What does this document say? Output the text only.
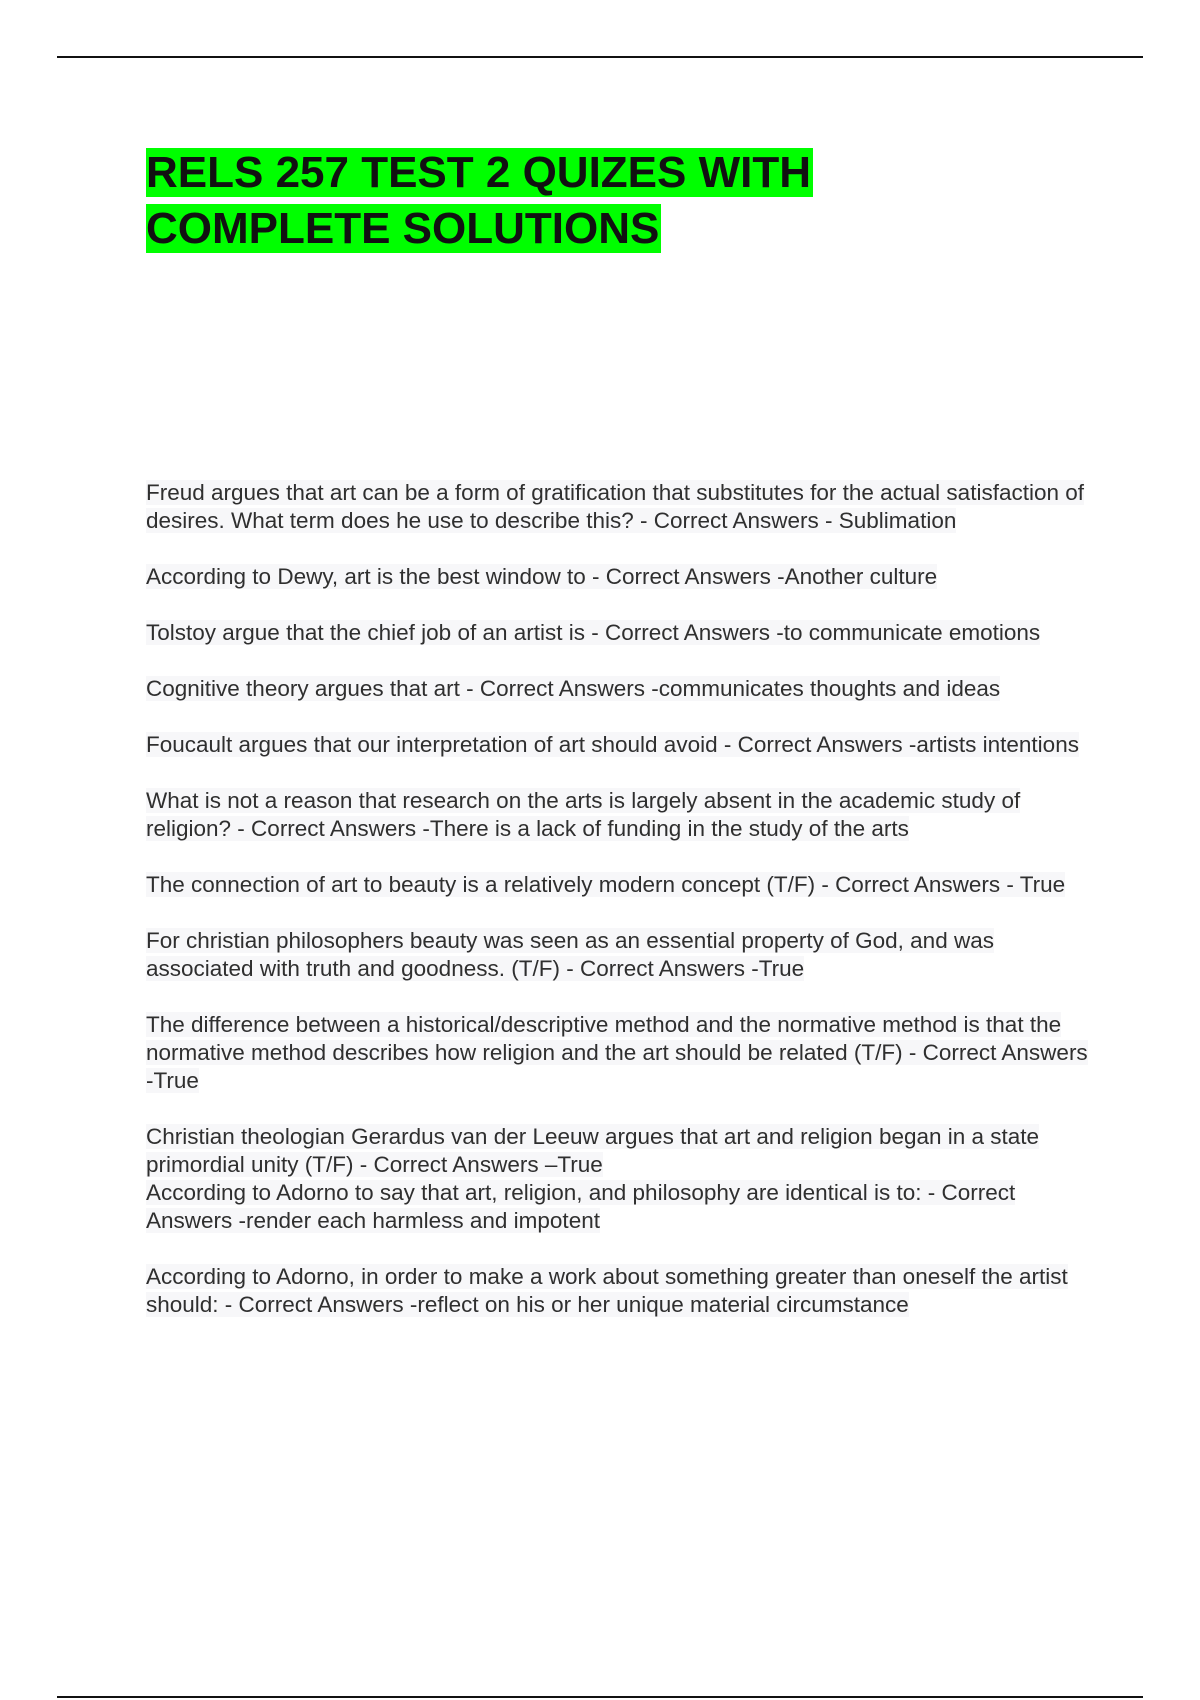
RELS 257 TEST 2 QUIZES WITH
COMPLETE SOLUTIONS

Freud argues that art can be a form of gratification that substitutes for the actual satisfaction of desires. What term does he use to describe this? - Correct Answers - Sublimation

According to Dewy, art is the best window to - Correct Answers -Another culture

Tolstoy argue that the chief job of an artist is - Correct Answers -to communicate emotions

Cognitive theory argues that art - Correct Answers -communicates thoughts and ideas

Foucault argues that our interpretation of art should avoid - Correct Answers -artists intentions

What is not a reason that research on the arts is largely absent in the academic study of religion? - Correct Answers -There is a lack of funding in the study of the arts

The connection of art to beauty is a relatively modern concept (T/F) - Correct Answers - True

For christian philosophers beauty was seen as an essential property of God, and was associated with truth and goodness. (T/F) - Correct Answers -True

The difference between a historical/descriptive method and the normative method is that the normative method describes how religion and the art should be related (T/F) - Correct Answers -True

Christian theologian Gerardus van der Leeuw argues that art and religion began in a state primordial unity (T/F) - Correct Answers –True

According to Adorno to say that art, religion, and philosophy are identical is to: - Correct Answers -render each harmless and impotent

According to Adorno, in order to make a work about something greater than oneself the artist should: - Correct Answers -reflect on his or her unique material circumstance
